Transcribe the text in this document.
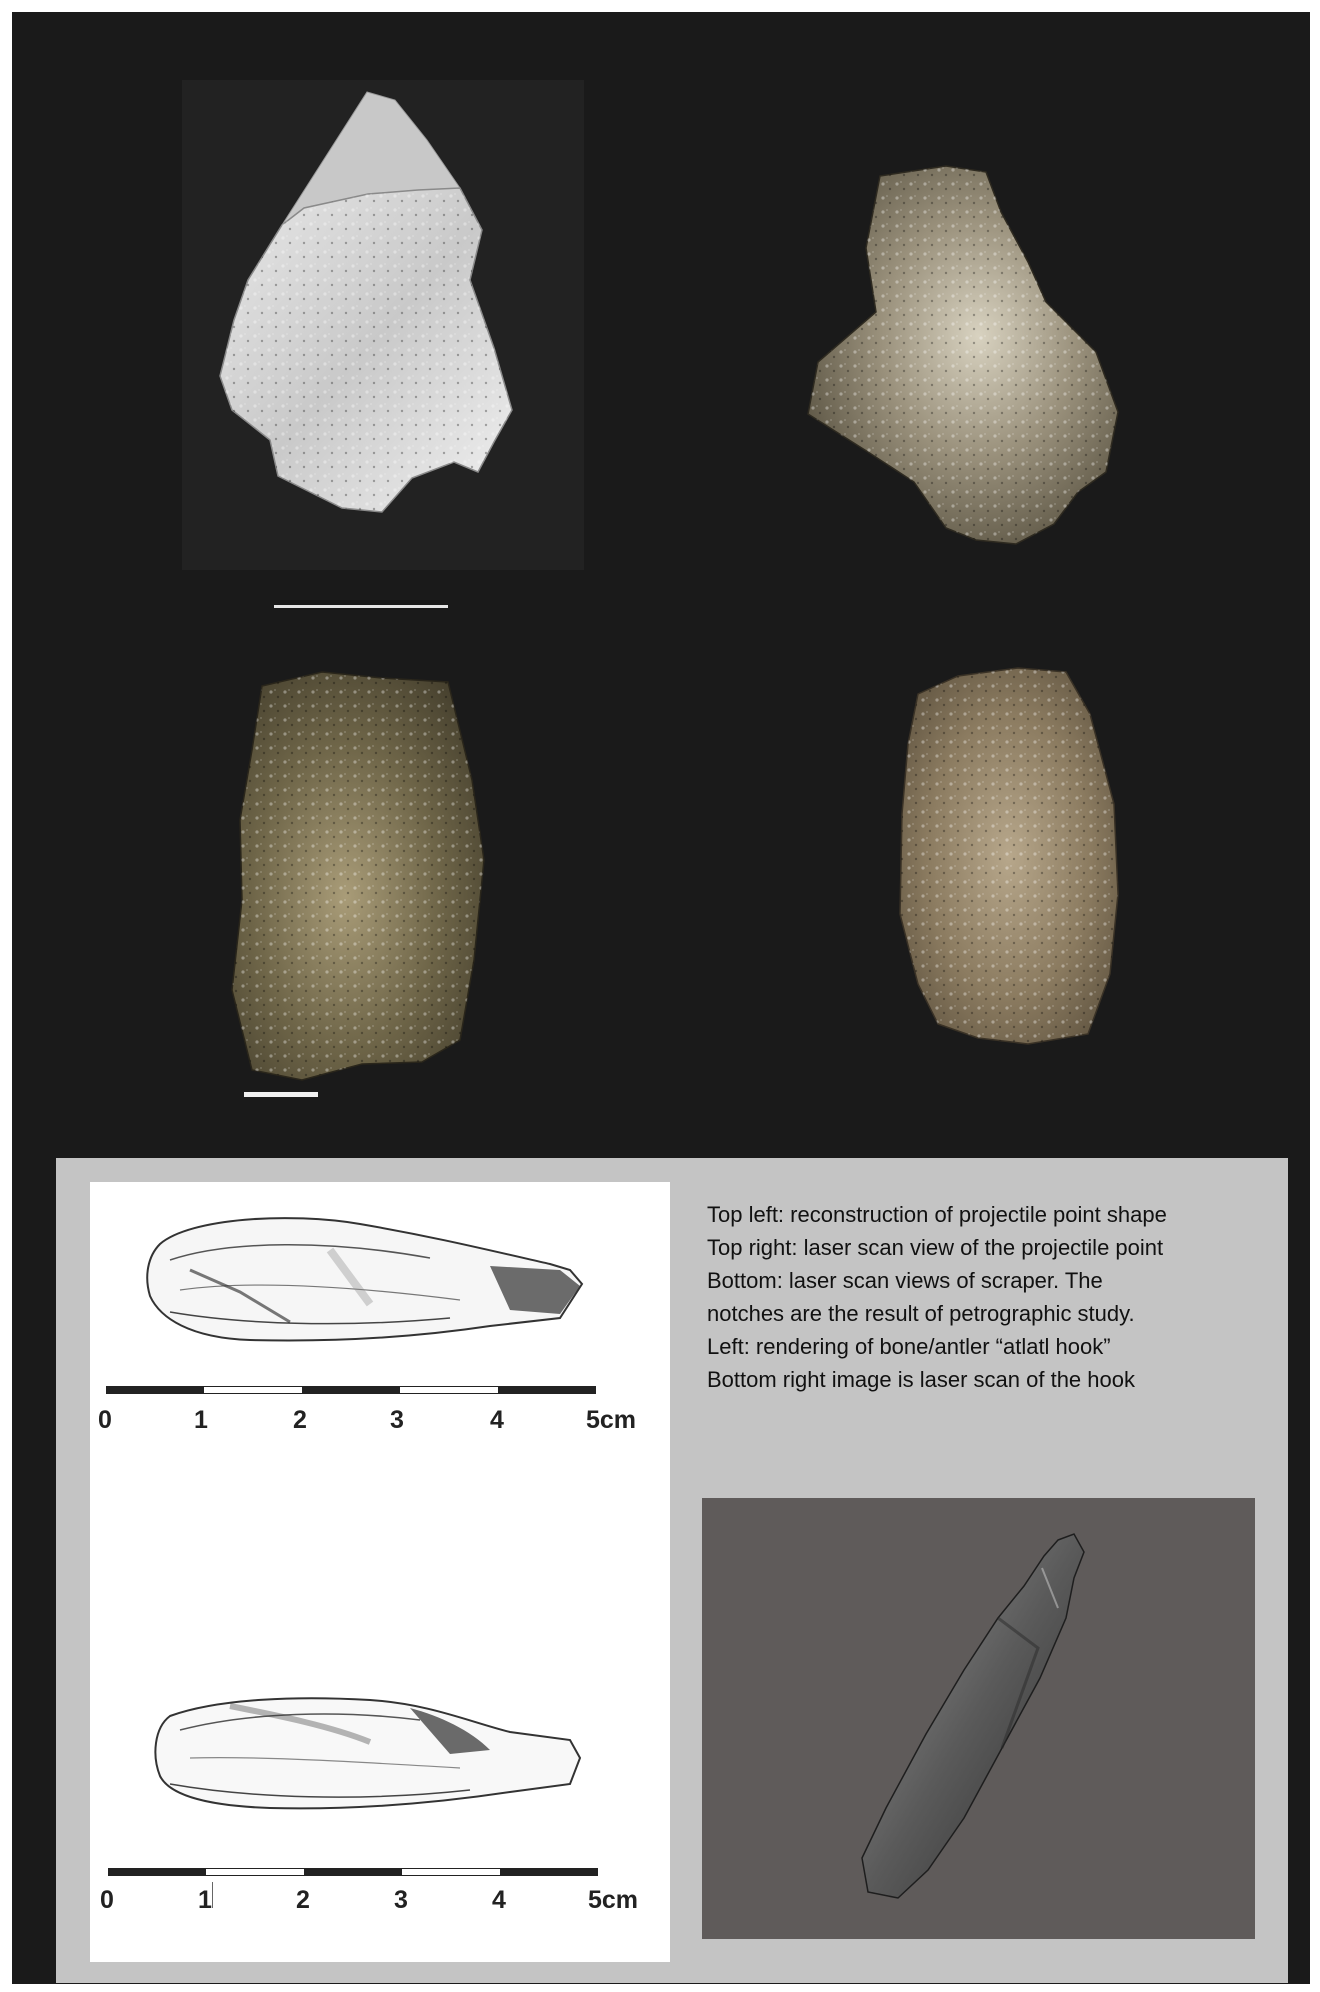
0	1	2	3	4	5cm
0	1	2	3	4	5cm
Top left: reconstruction of projectile point shape
Top right: laser scan view of the projectile point
Bottom: laser scan views of scraper. The
notches are the result of petrographic study.
Left: rendering of bone/antler “atlatl hook”
Bottom right image is laser scan of the hook
